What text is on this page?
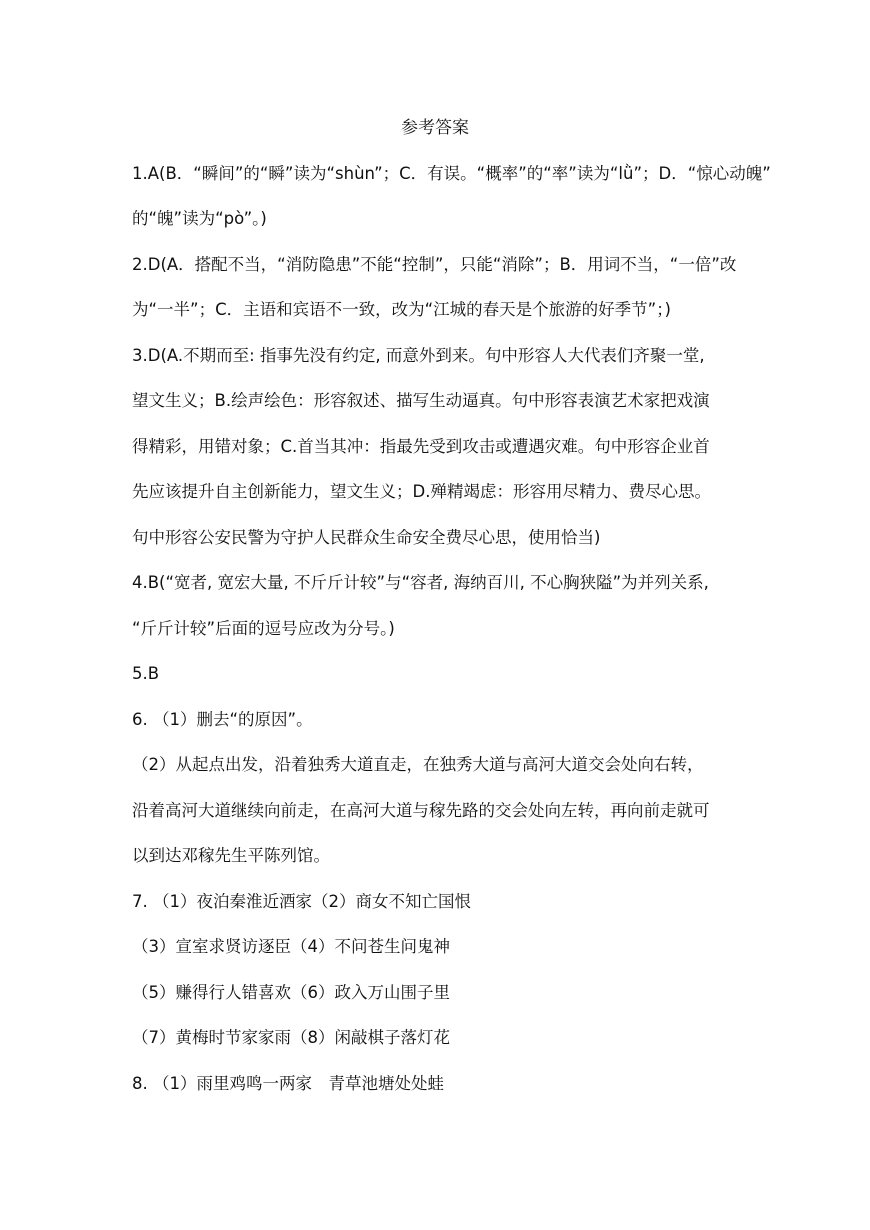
参考答案
1.A(B．“瞬间”的“瞬”读为“shùn”；C．有误。“概率”的“率”读为“lǜ”；D．“惊心动魄”
的“魄”读为“pò”。)
2.D(A．搭配不当，“消防隐患”不能“控制”，只能“消除”；B．用词不当，“一倍”改
为“一半”；C．主语和宾语不一致，改为“江城的春天是个旅游的好季节”；)
3.D(A.不期而至: 指事先没有约定, 而意外到来。句中形容人大代表们齐聚一堂,
望文生义；B.绘声绘色：形容叙述、描写生动逼真。句中形容表演艺术家把戏演
得精彩，用错对象；C.首当其冲：指最先受到攻击或遭遇灾难。句中形容企业首
先应该提升自主创新能力，望文生义；D.殚精竭虑：形容用尽精力、费尽心思。
句中形容公安民警为守护人民群众生命安全费尽心思，使用恰当)
4.B(“宽者, 宽宏大量, 不斤斤计较”与“容者, 海纳百川, 不心胸狭隘”为并列关系,
“斤斤计较”后面的逗号应改为分号。)
5.B
6. （1）删去“的原因”。
（2）从起点出发，沿着独秀大道直走，在独秀大道与高河大道交会处向右转，
沿着高河大道继续向前走，在高河大道与稼先路的交会处向左转，再向前走就可
以到达邓稼先生平陈列馆。
7. （1）夜泊秦淮近酒家（2）商女不知亡国恨
（3）宣室求贤访逐臣（4）不问苍生问鬼神
（5）赚得行人错喜欢（6）政入万山围子里
（7）黄梅时节家家雨（8）闲敲棋子落灯花
8. （1）雨里鸡鸣一两家　青草池塘处处蛙
